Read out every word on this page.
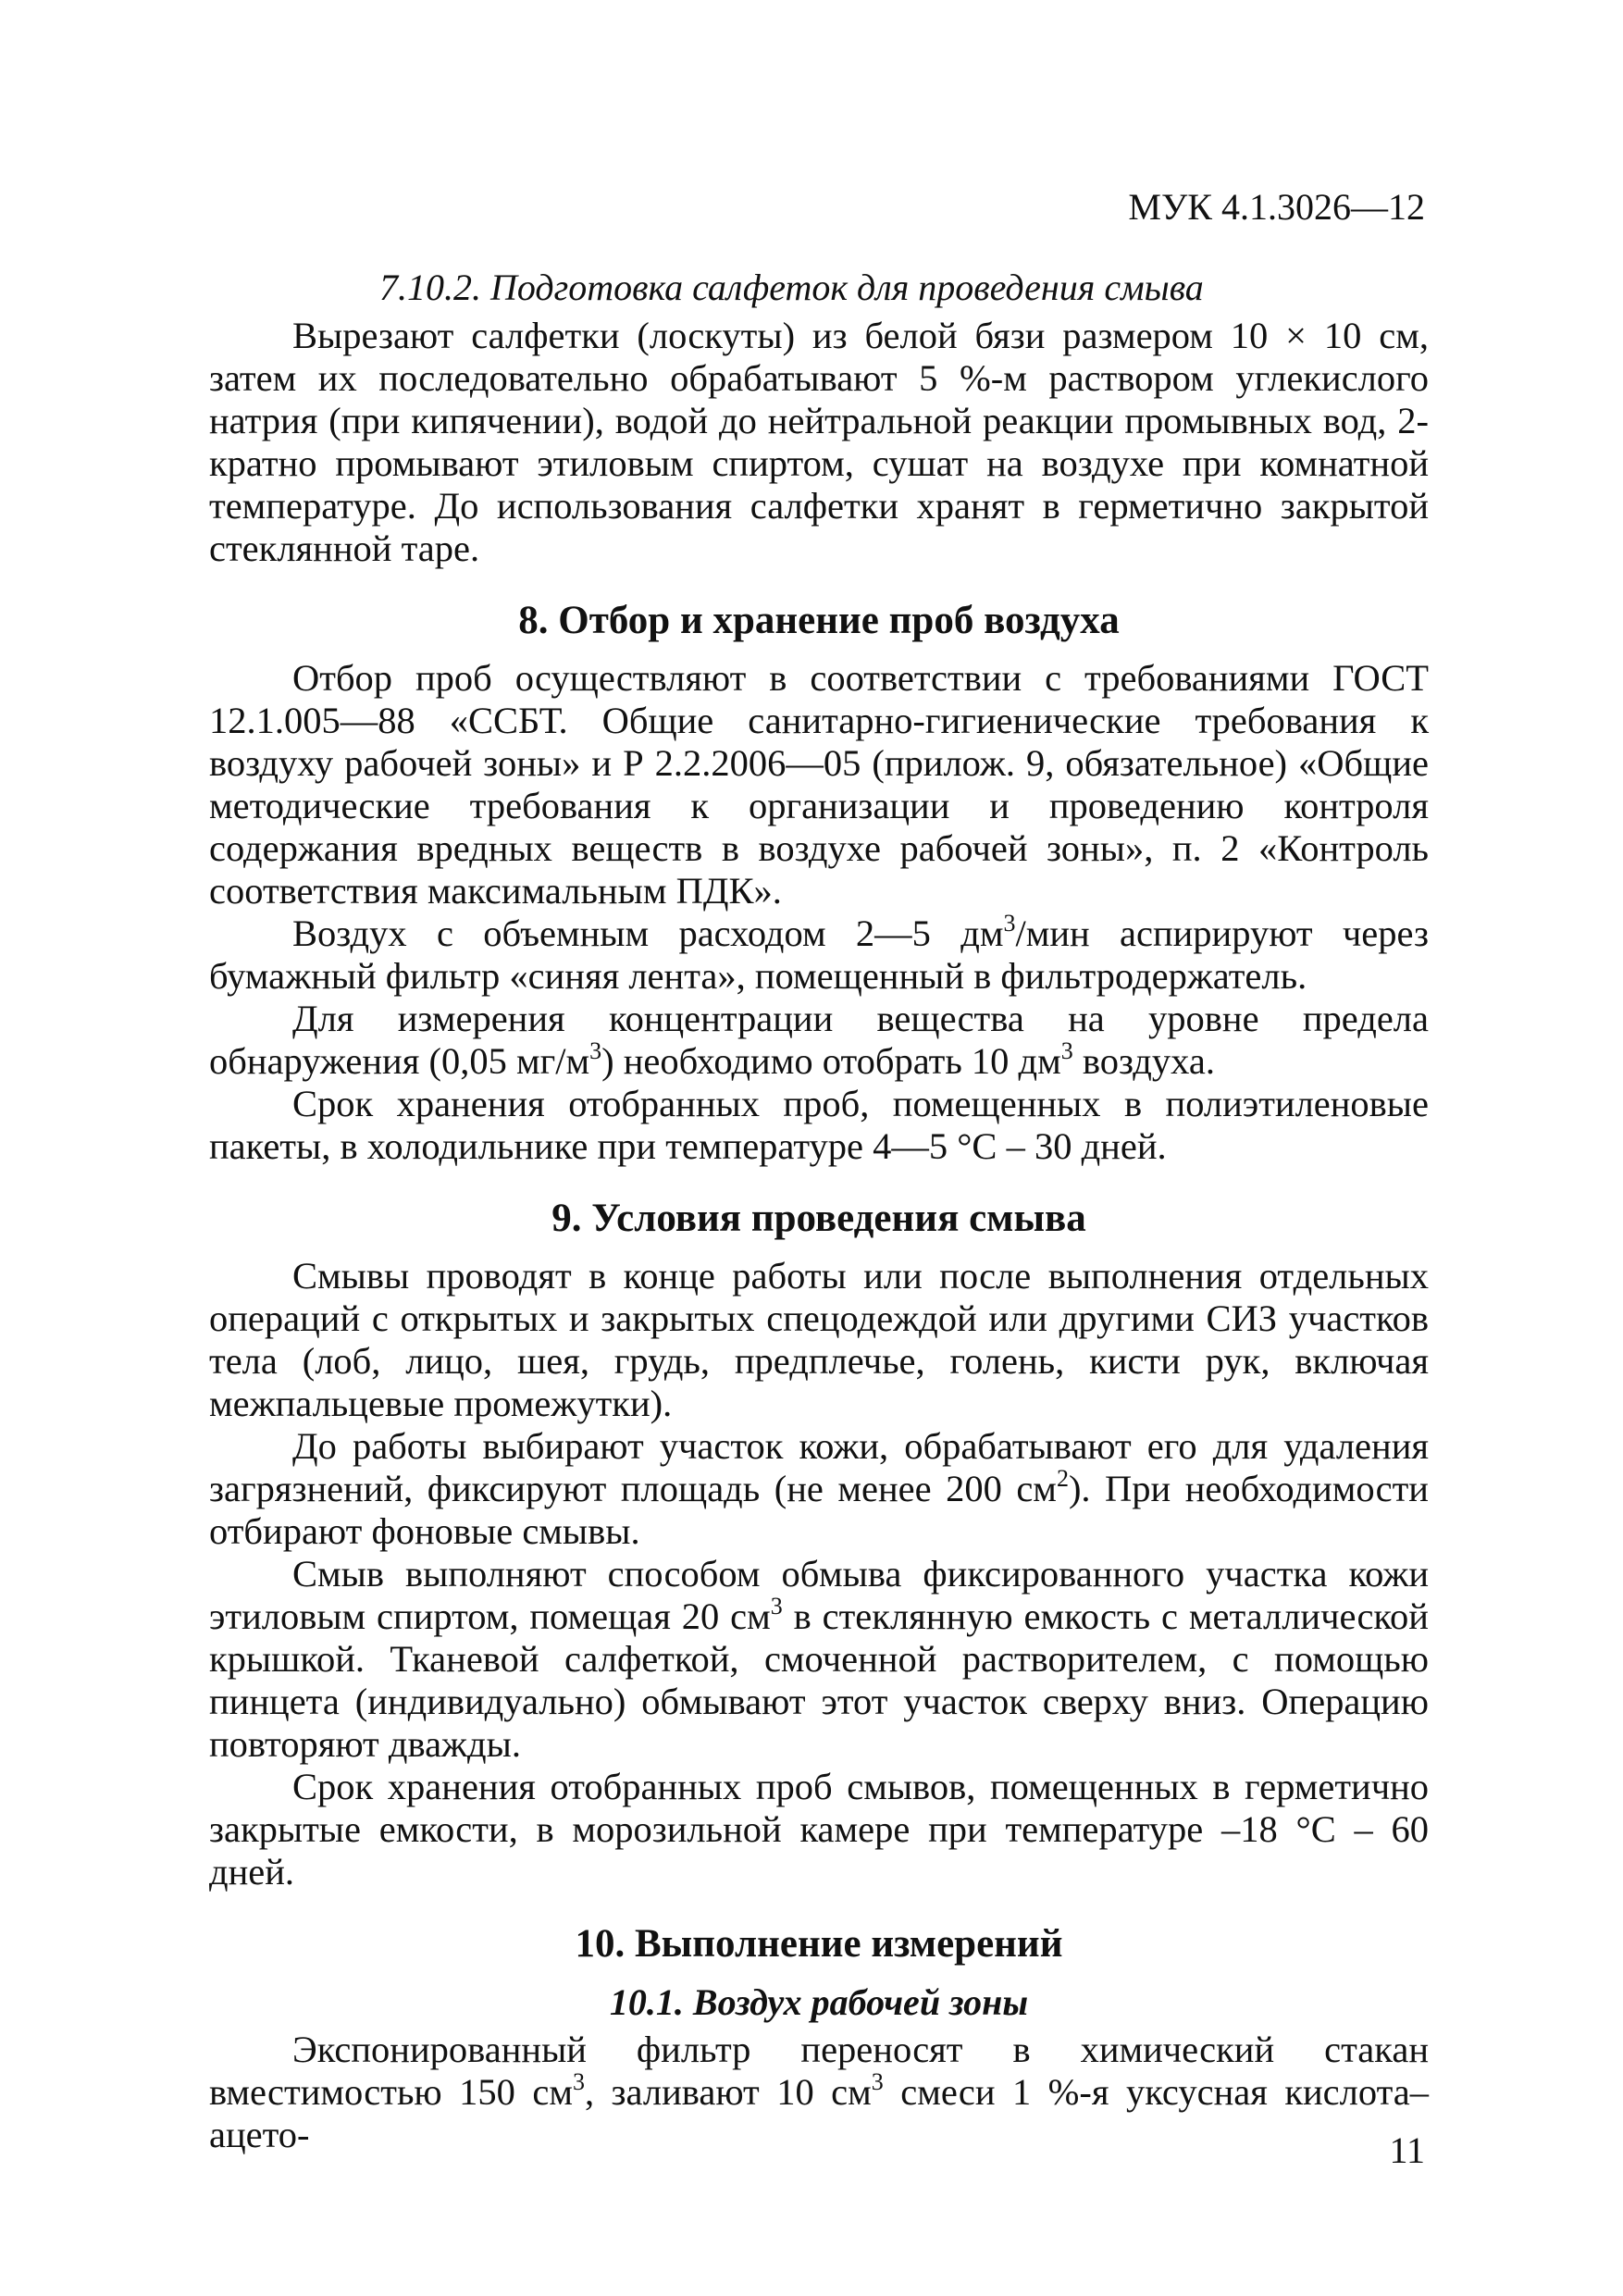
МУК 4.1.3026—12

7.10.2. Подготовка салфеток для проведения смыва

Вырезают салфетки (лоскуты) из белой бязи размером 10 × 10 см, затем их последовательно обрабатывают 5 %-м раствором углекислого натрия (при кипячении), водой до нейтральной реакции промывных вод, 2-кратно промывают этиловым спиртом, сушат на воздухе при комнатной температуре. До использования салфетки хранят в герметично закрытой стеклянной таре.

8. Отбор и хранение проб воздуха

Отбор проб осуществляют в соответствии с требованиями ГОСТ 12.1.005—88 «ССБТ. Общие санитарно-гигиенические требования к воздуху рабочей зоны» и Р 2.2.2006—05 (прилож. 9, обязательное) «Общие методические требования к организации и проведению контроля содержания вредных веществ в воздухе рабочей зоны», п. 2 «Контроль соответствия максимальным ПДК».

Воздух с объемным расходом 2—5 $дм^3$/мин аспирируют через бумажный фильтр «синяя лента», помещенный в фильтродержатель.

Для измерения концентрации вещества на уровне предела обнаружения (0,05 $мг/м^3$) необходимо отобрать 10 $дм^3$ воздуха.

Срок хранения отобранных проб, помещенных в полиэтиленовые пакеты, в холодильнике при температуре 4—5 °C – 30 дней.

9. Условия проведения смыва

Смывы проводят в конце работы или после выполнения отдельных операций с открытых и закрытых спецодеждой или другими СИЗ участков тела (лоб, лицо, шея, грудь, предплечье, голень, кисти рук, включая межпальцевые промежутки).

До работы выбирают участок кожи, обрабатывают его для удаления загрязнений, фиксируют площадь (не менее 200 $см^2$). При необходимости отбирают фоновые смывы.

Смыв выполняют способом обмыва фиксированного участка кожи этиловым спиртом, помещая 20 $см^3$ в стеклянную емкость с металлической крышкой. Тканевой салфеткой, смоченной растворителем, с помощью пинцета (индивидуально) обмывают этот участок сверху вниз. Операцию повторяют дважды.

Срок хранения отобранных проб смывов, помещенных в герметично закрытые емкости, в морозильной камере при температуре –18 °C – 60 дней.

10. Выполнение измерений
10.1. Воздух рабочей зоны

Экспонированный фильтр переносят в химический стакан вместимостью 150 $см^3$, заливают 10 $см^3$ смеси 1 %-я уксусная кислота–ацето-	11
